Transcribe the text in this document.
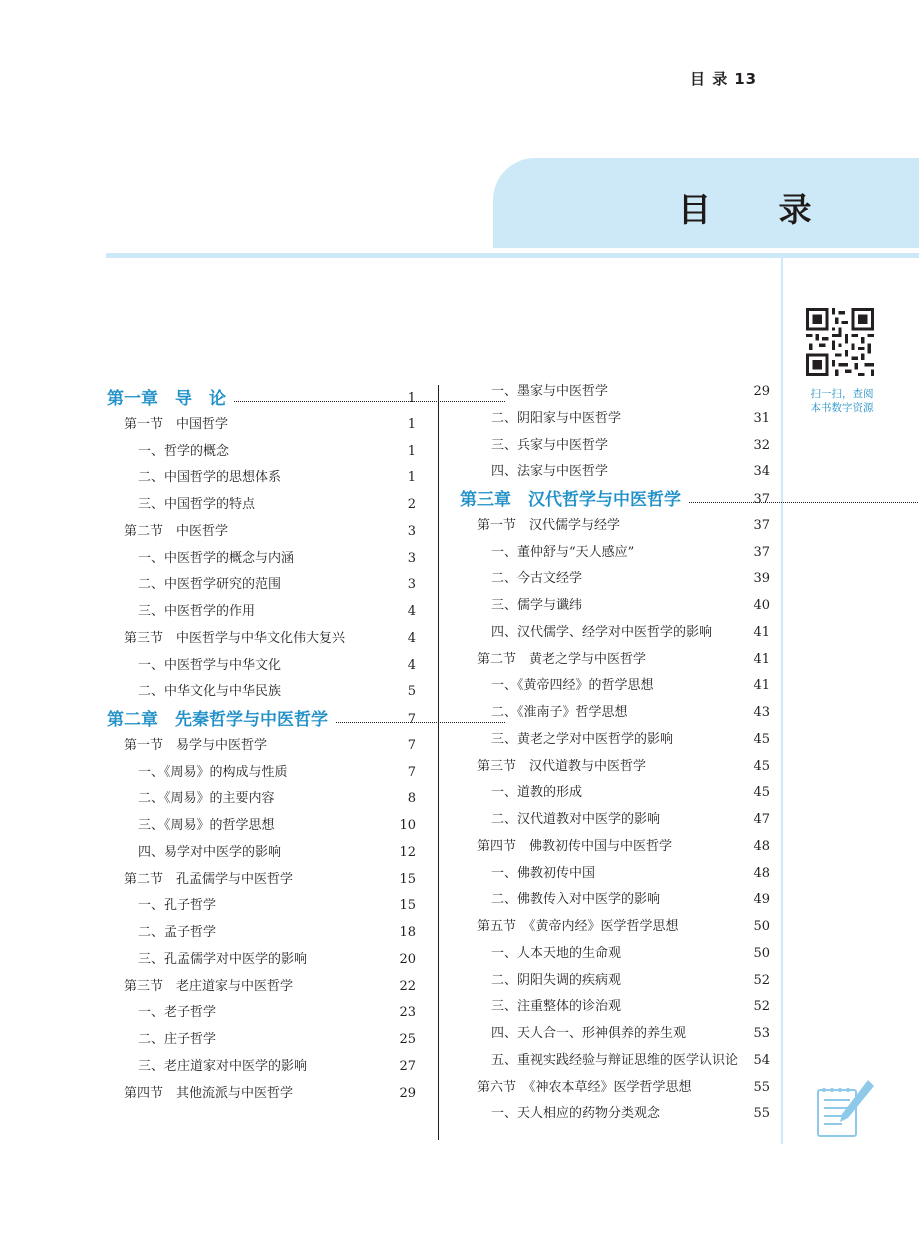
目 录 13
目 录
扫一扫，查阅本书数字资源
第一章　导　论	1
第一节　中国哲学	1
一、哲学的概念	1
二、中国哲学的思想体系	1
三、中国哲学的特点	2
第二节　中医哲学	3
一、中医哲学的概念与内涵	3
二、中医哲学研究的范围	3
三、中医哲学的作用	4
第三节　中医哲学与中华文化伟大复兴	4
一、中医哲学与中华文化	4
二、中华文化与中华民族	5
第二章　先秦哲学与中医哲学	7
第一节　易学与中医哲学	7
一、《周易》的构成与性质	7
二、《周易》的主要内容	8
三、《周易》的哲学思想	10
四、易学对中医学的影响	12
第二节　孔孟儒学与中医哲学	15
一、孔子哲学	15
二、孟子哲学	18
三、孔孟儒学对中医学的影响	20
第三节　老庄道家与中医哲学	22
一、老子哲学	23
二、庄子哲学	25
三、老庄道家对中医学的影响	27
第四节　其他流派与中医哲学	29
一、墨家与中医哲学	29
二、阴阳家与中医哲学	31
三、兵家与中医哲学	32
四、法家与中医哲学	34
第三章　汉代哲学与中医哲学	37
第一节　汉代儒学与经学	37
一、董仲舒与“天人感应”	37
二、今古文经学	39
三、儒学与谶纬	40
四、汉代儒学、经学对中医哲学的影响	41
第二节　黄老之学与中医哲学	41
一、《黄帝四经》的哲学思想	41
二、《淮南子》哲学思想	43
三、黄老之学对中医哲学的影响	45
第三节　汉代道教与中医哲学	45
一、道教的形成	45
二、汉代道教对中医学的影响	47
第四节　佛教初传中国与中医哲学	48
一、佛教初传中国	48
二、佛教传入对中医学的影响	49
第五节　《黄帝内经》医学哲学思想	50
一、人本天地的生命观	50
二、阴阳失调的疾病观	52
三、注重整体的诊治观	52
四、天人合一、形神俱养的养生观	53
五、重视实践经验与辩证思维的医学认识论	54
第六节　《神农本草经》医学哲学思想	55
一、天人相应的药物分类观念	55
